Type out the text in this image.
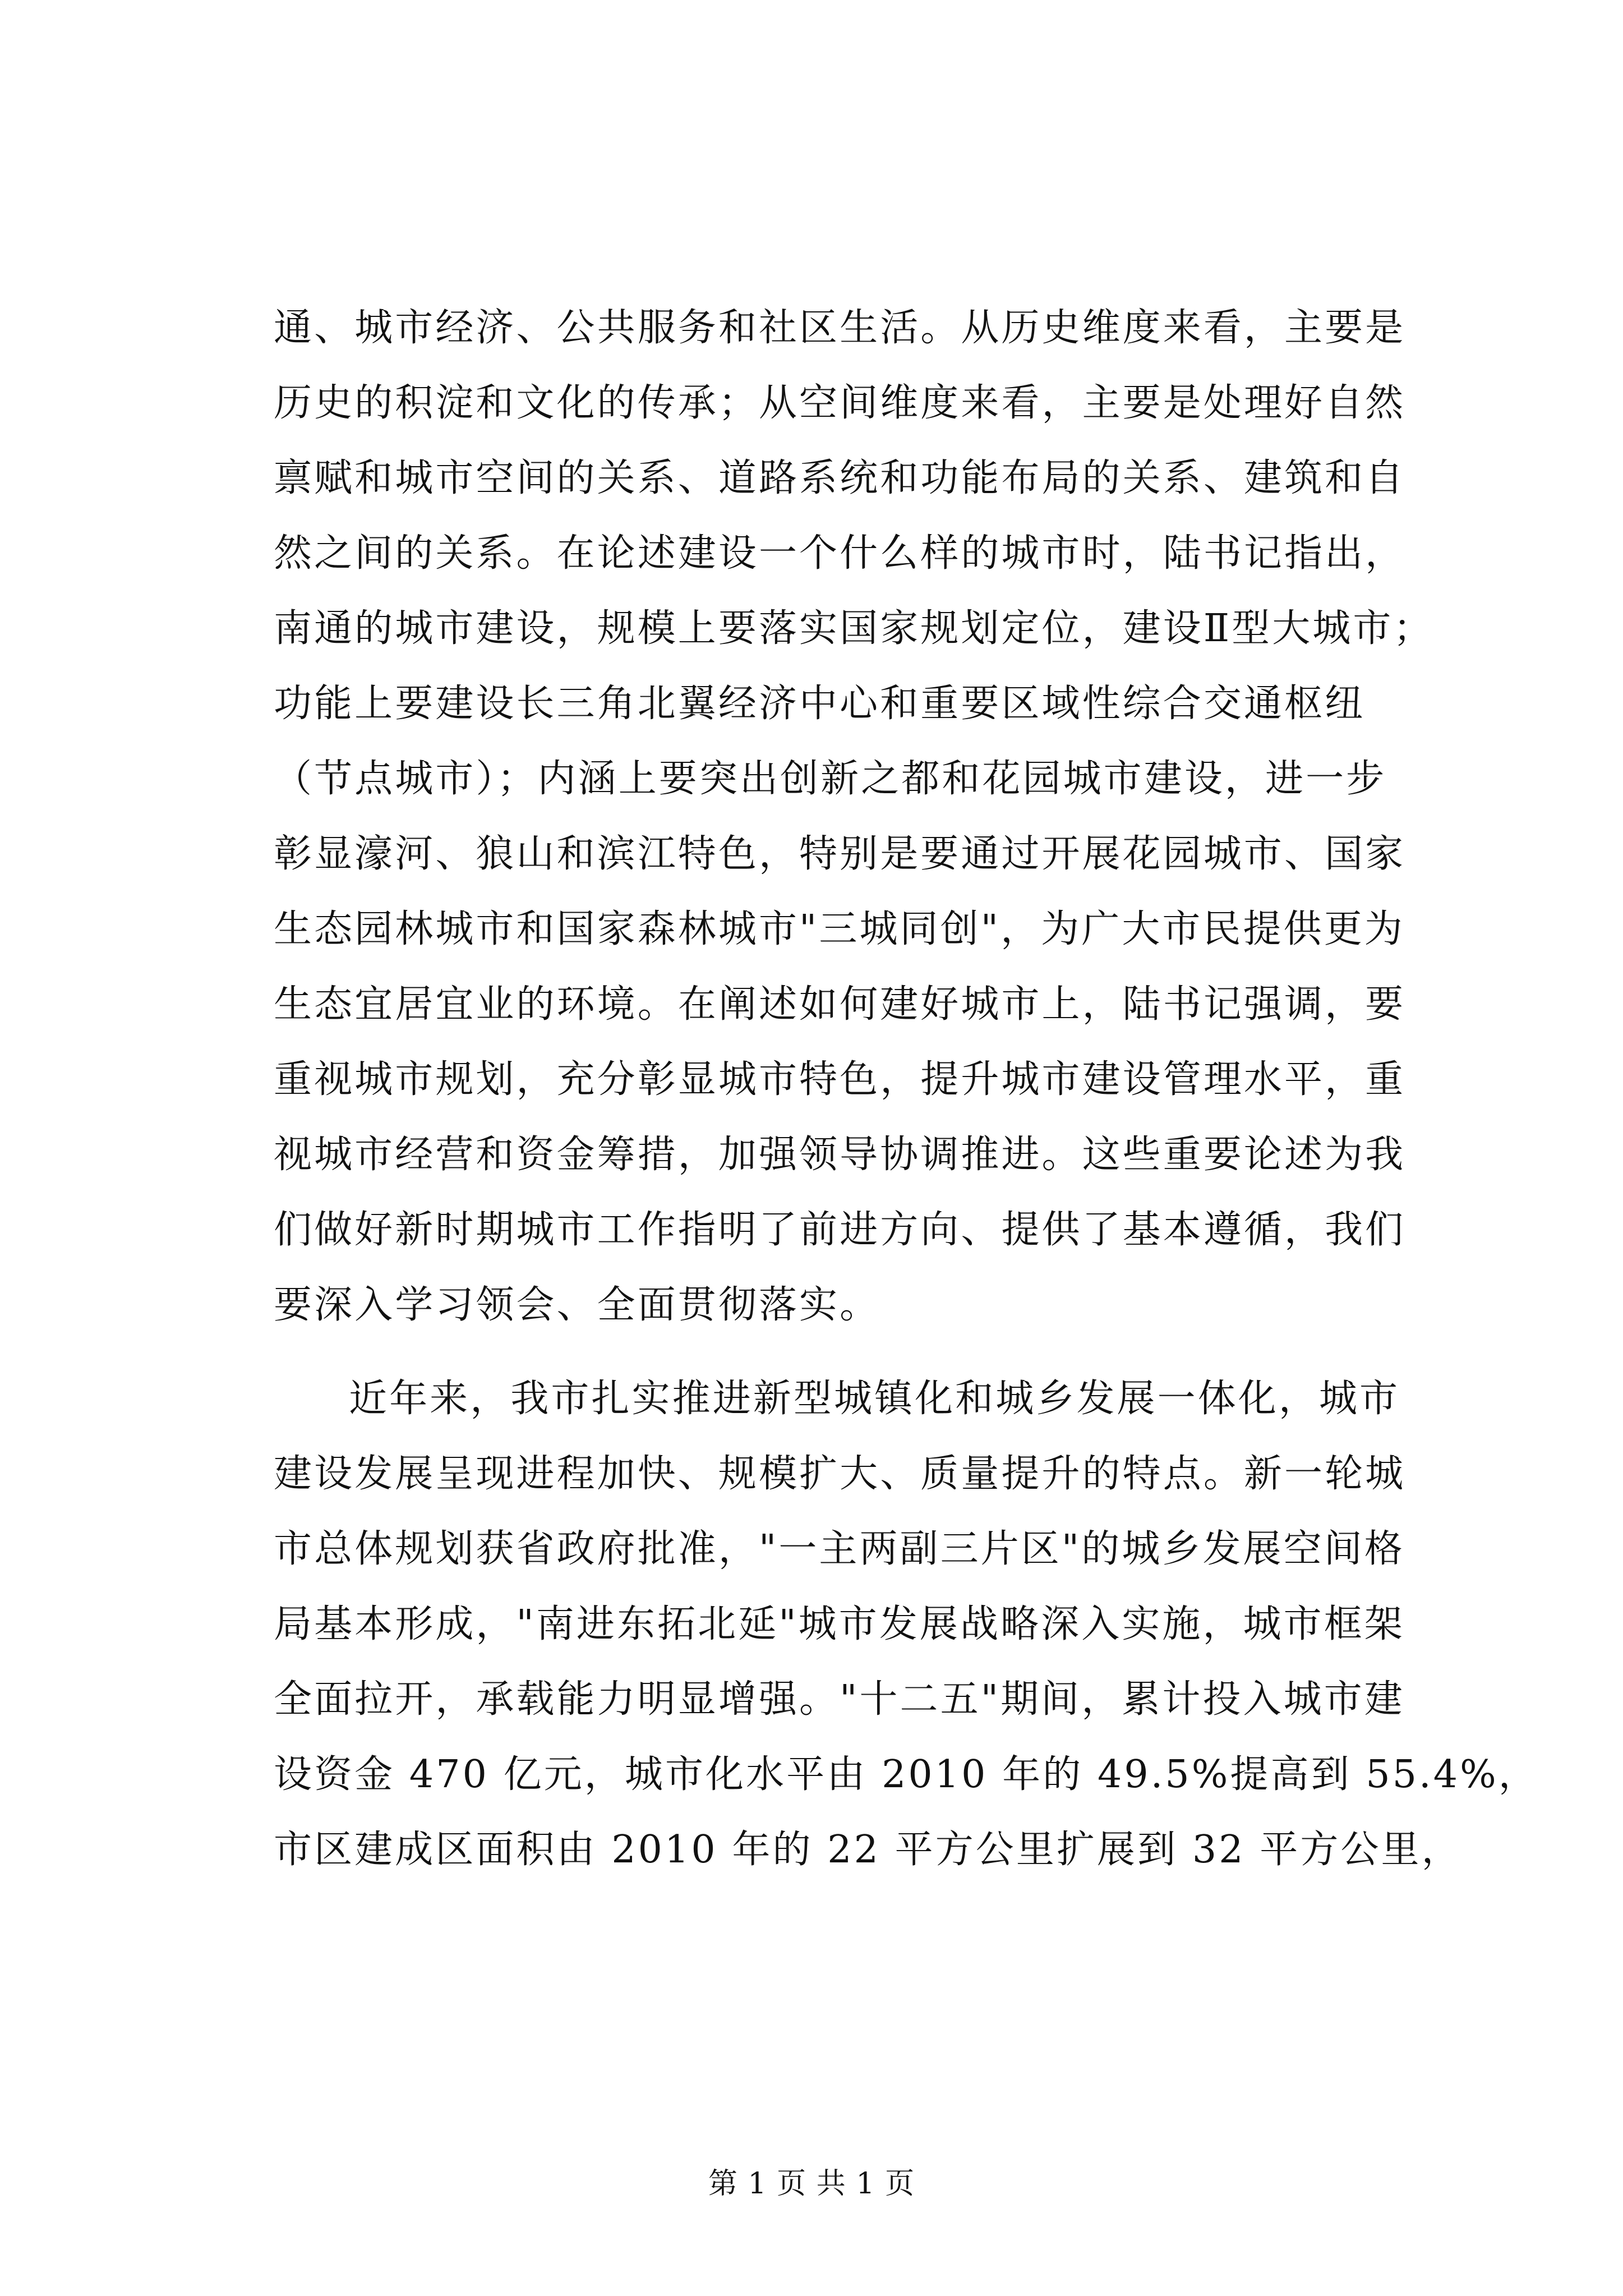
通、城市经济、公共服务和社区生活。从历史维度来看，主要是
历史的积淀和文化的传承；从空间维度来看，主要是处理好自然
禀赋和城市空间的关系、道路系统和功能布局的关系、建筑和自
然之间的关系。在论述建设一个什么样的城市时，陆书记指出，
南通的城市建设，规模上要落实国家规划定位，建设Ⅱ型大城市；
功能上要建设长三角北翼经济中心和重要区域性综合交通枢纽
（节点城市）；内涵上要突出创新之都和花园城市建设，进一步
彰显濠河、狼山和滨江特色，特别是要通过开展花园城市、国家
生态园林城市和国家森林城市"三城同创"，为广大市民提供更为
生态宜居宜业的环境。在阐述如何建好城市上，陆书记强调，要
重视城市规划，充分彰显城市特色，提升城市建设管理水平，重
视城市经营和资金筹措，加强领导协调推进。这些重要论述为我
们做好新时期城市工作指明了前进方向、提供了基本遵循，我们
要深入学习领会、全面贯彻落实。
近年来，我市扎实推进新型城镇化和城乡发展一体化，城市
建设发展呈现进程加快、规模扩大、质量提升的特点。新一轮城
市总体规划获省政府批准，"一主两副三片区"的城乡发展空间格
局基本形成，"南进东拓北延"城市发展战略深入实施，城市框架
全面拉开，承载能力明显增强。"十二五"期间，累计投入城市建
设资金 470 亿元，城市化水平由 2010 年的 49.5%提高到 55.4%，
市区建成区面积由 2010 年的 22 平方公里扩展到 32 平方公里，
第 1 页 共 1 页
